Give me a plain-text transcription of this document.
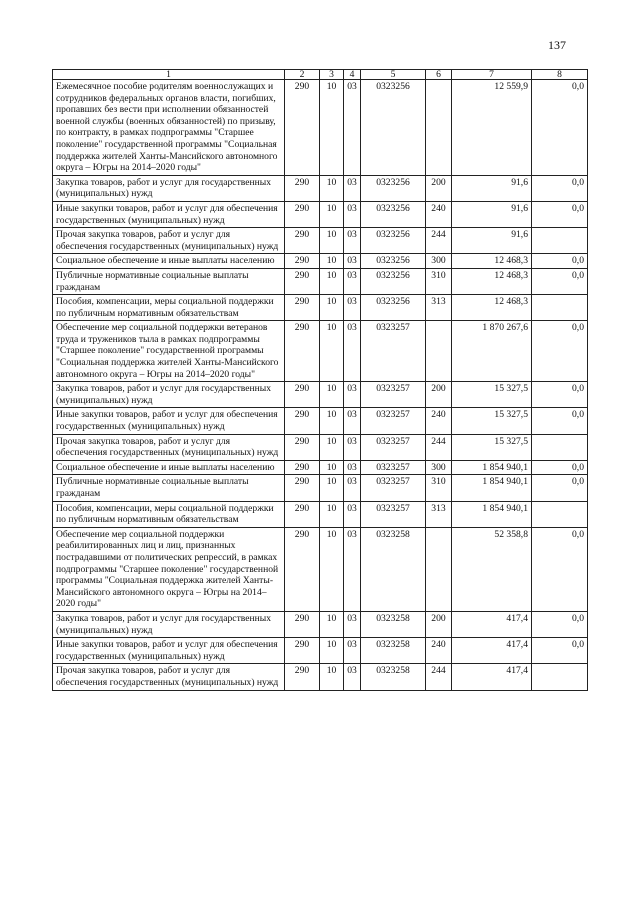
137
1	2	3	4	5	6	7	8
Ежемесячное пособие родителям военнослужащих и сотрудников федеральных органов власти, погибших, пропавших без вести при исполнении обязанностей военной службы (военных обязанностей) по призыву, по контракту, в рамках подпрограммы "Старшее поколение" государственной программы "Социальная поддержка жителей Ханты-Мансийского автономного округа – Югры на 2014–2020 годы"	290	10	03	0323256		12 559,9	0,0
Закупка товаров, работ и услуг для государственных (муниципальных) нужд	290	10	03	0323256	200	91,6	0,0
Иные закупки товаров, работ и услуг для обеспечения государственных (муниципальных) нужд	290	10	03	0323256	240	91,6	0,0
Прочая закупка товаров, работ и услуг для обеспечения государственных (муниципальных) нужд	290	10	03	0323256	244	91,6	
Социальное обеспечение и иные выплаты населению	290	10	03	0323256	300	12 468,3	0,0
Публичные нормативные социальные выплаты гражданам	290	10	03	0323256	310	12 468,3	0,0
Пособия, компенсации, меры социальной поддержки по публичным нормативным обязательствам	290	10	03	0323256	313	12 468,3	
Обеспечение мер социальной поддержки ветеранов труда и тружеников тыла в рамках подпрограммы "Старшее поколение" государственной программы "Социальная поддержка жителей Ханты-Мансийского автономного округа – Югры на 2014–2020 годы"	290	10	03	0323257		1 870 267,6	0,0
Закупка товаров, работ и услуг для государственных (муниципальных) нужд	290	10	03	0323257	200	15 327,5	0,0
Иные закупки товаров, работ и услуг для обеспечения государственных (муниципальных) нужд	290	10	03	0323257	240	15 327,5	0,0
Прочая закупка товаров, работ и услуг для обеспечения государственных (муниципальных) нужд	290	10	03	0323257	244	15 327,5	
Социальное обеспечение и иные выплаты населению	290	10	03	0323257	300	1 854 940,1	0,0
Публичные нормативные социальные выплаты гражданам	290	10	03	0323257	310	1 854 940,1	0,0
Пособия, компенсации, меры социальной поддержки по публичным нормативным обязательствам	290	10	03	0323257	313	1 854 940,1	
Обеспечение мер социальной поддержки реабилитированных лиц и лиц, признанных пострадавшими от политических репрессий, в рамках подпрограммы "Старшее поколение" государственной программы "Социальная поддержка жителей Ханты-Мансийского автономного округа – Югры на 2014–2020 годы"	290	10	03	0323258		52 358,8	0,0
Закупка товаров, работ и услуг для государственных (муниципальных) нужд	290	10	03	0323258	200	417,4	0,0
Иные закупки товаров, работ и услуг для обеспечения государственных (муниципальных) нужд	290	10	03	0323258	240	417,4	0,0
Прочая закупка товаров, работ и услуг для обеспечения государственных (муниципальных) нужд	290	10	03	0323258	244	417,4	
